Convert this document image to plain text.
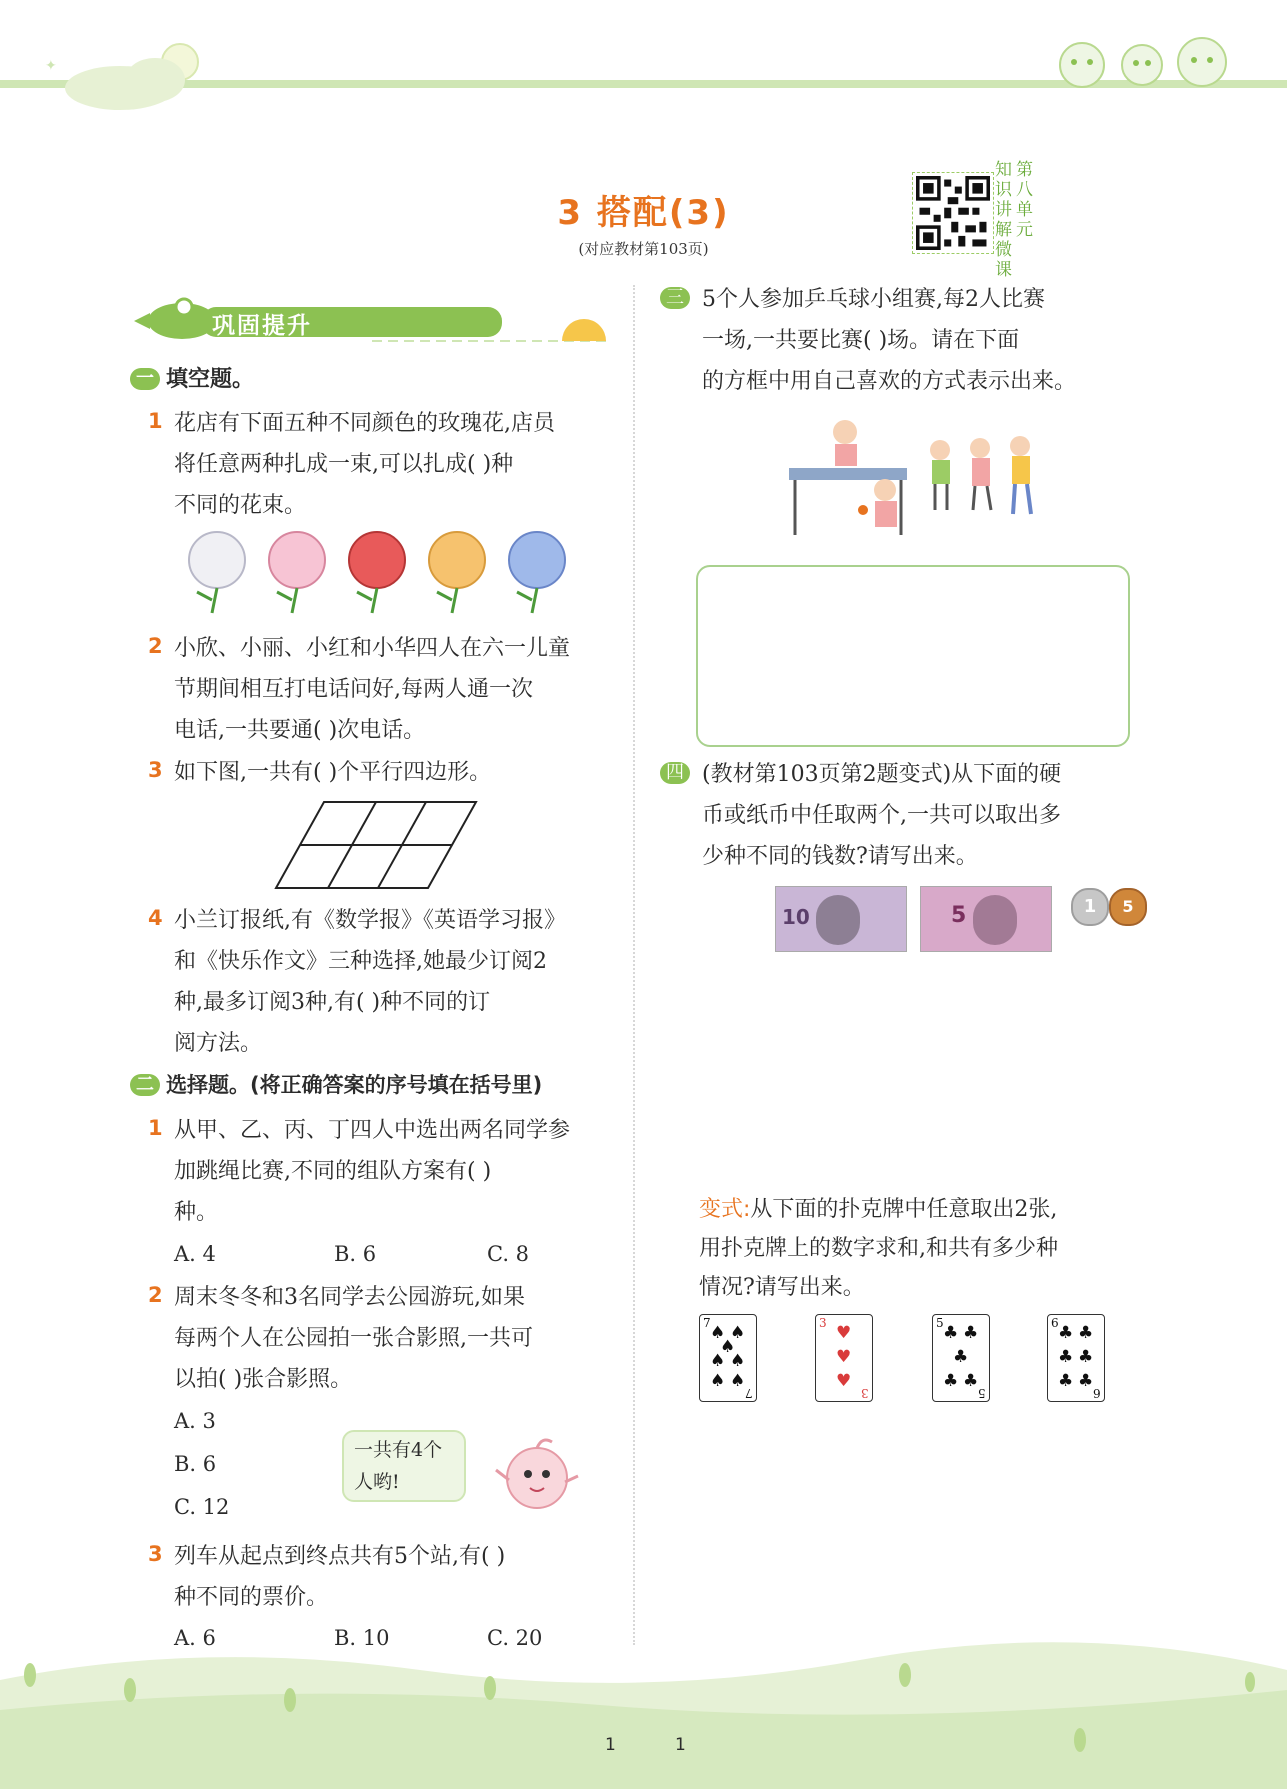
✦
3 搭配(3)
(对应教材第103页)
知识讲解微课
第八单元
巩固提升
一 填空题。
1 花店有下面五种不同颜色的玫瑰花,店员
将任意两种扎成一束,可以扎成( )种
不同的花束。
2 小欣、小丽、小红和小华四人在六一儿童
节期间相互打电话问好,每两人通一次
电话,一共要通( )次电话。
3 如下图,一共有( )个平行四边形。
4 小兰订报纸,有《数学报》《英语学习报》
和《快乐作文》三种选择,她最少订阅2
种,最多订阅3种,有( )种不同的订
阅方法。
二 选择题。(将正确答案的序号填在括号里)
1 从甲、乙、丙、丁四人中选出两名同学参
加跳绳比赛,不同的组队方案有( )
种。
A. 4	B. 6	C. 8
2 周末冬冬和3名同学去公园游玩,如果
每两个人在公园拍一张合影照,一共可
以拍( )张合影照。
A. 3
B. 6
C. 12
一共有4个
人哟!
3 列车从起点到终点共有5个站,有( )
种不同的票价。
A. 6	B. 10	C. 20
三 5个人参加乒乓球小组赛,每2人比赛
一场,一共要比赛( )场。请在下面
的方框中用自己喜欢的方式表示出来。
四 (教材第103页第2题变式)从下面的硬
币或纸币中任取两个,一共可以取出多
少种不同的钱数?请写出来。
10	5	1	5
变式:从下面的扑克牌中任意取出2张,
用扑克牌上的数字求和,和共有多少种
情况?请写出来。
7 ♠ ♠
♠
♠ ♠
♠ ♠
7
3 ♥
♥
♥
3
5 ♣ ♣
♣
♣ ♣
5
6 ♣ ♣
♣ ♣
♣ ♣
6
1	1
